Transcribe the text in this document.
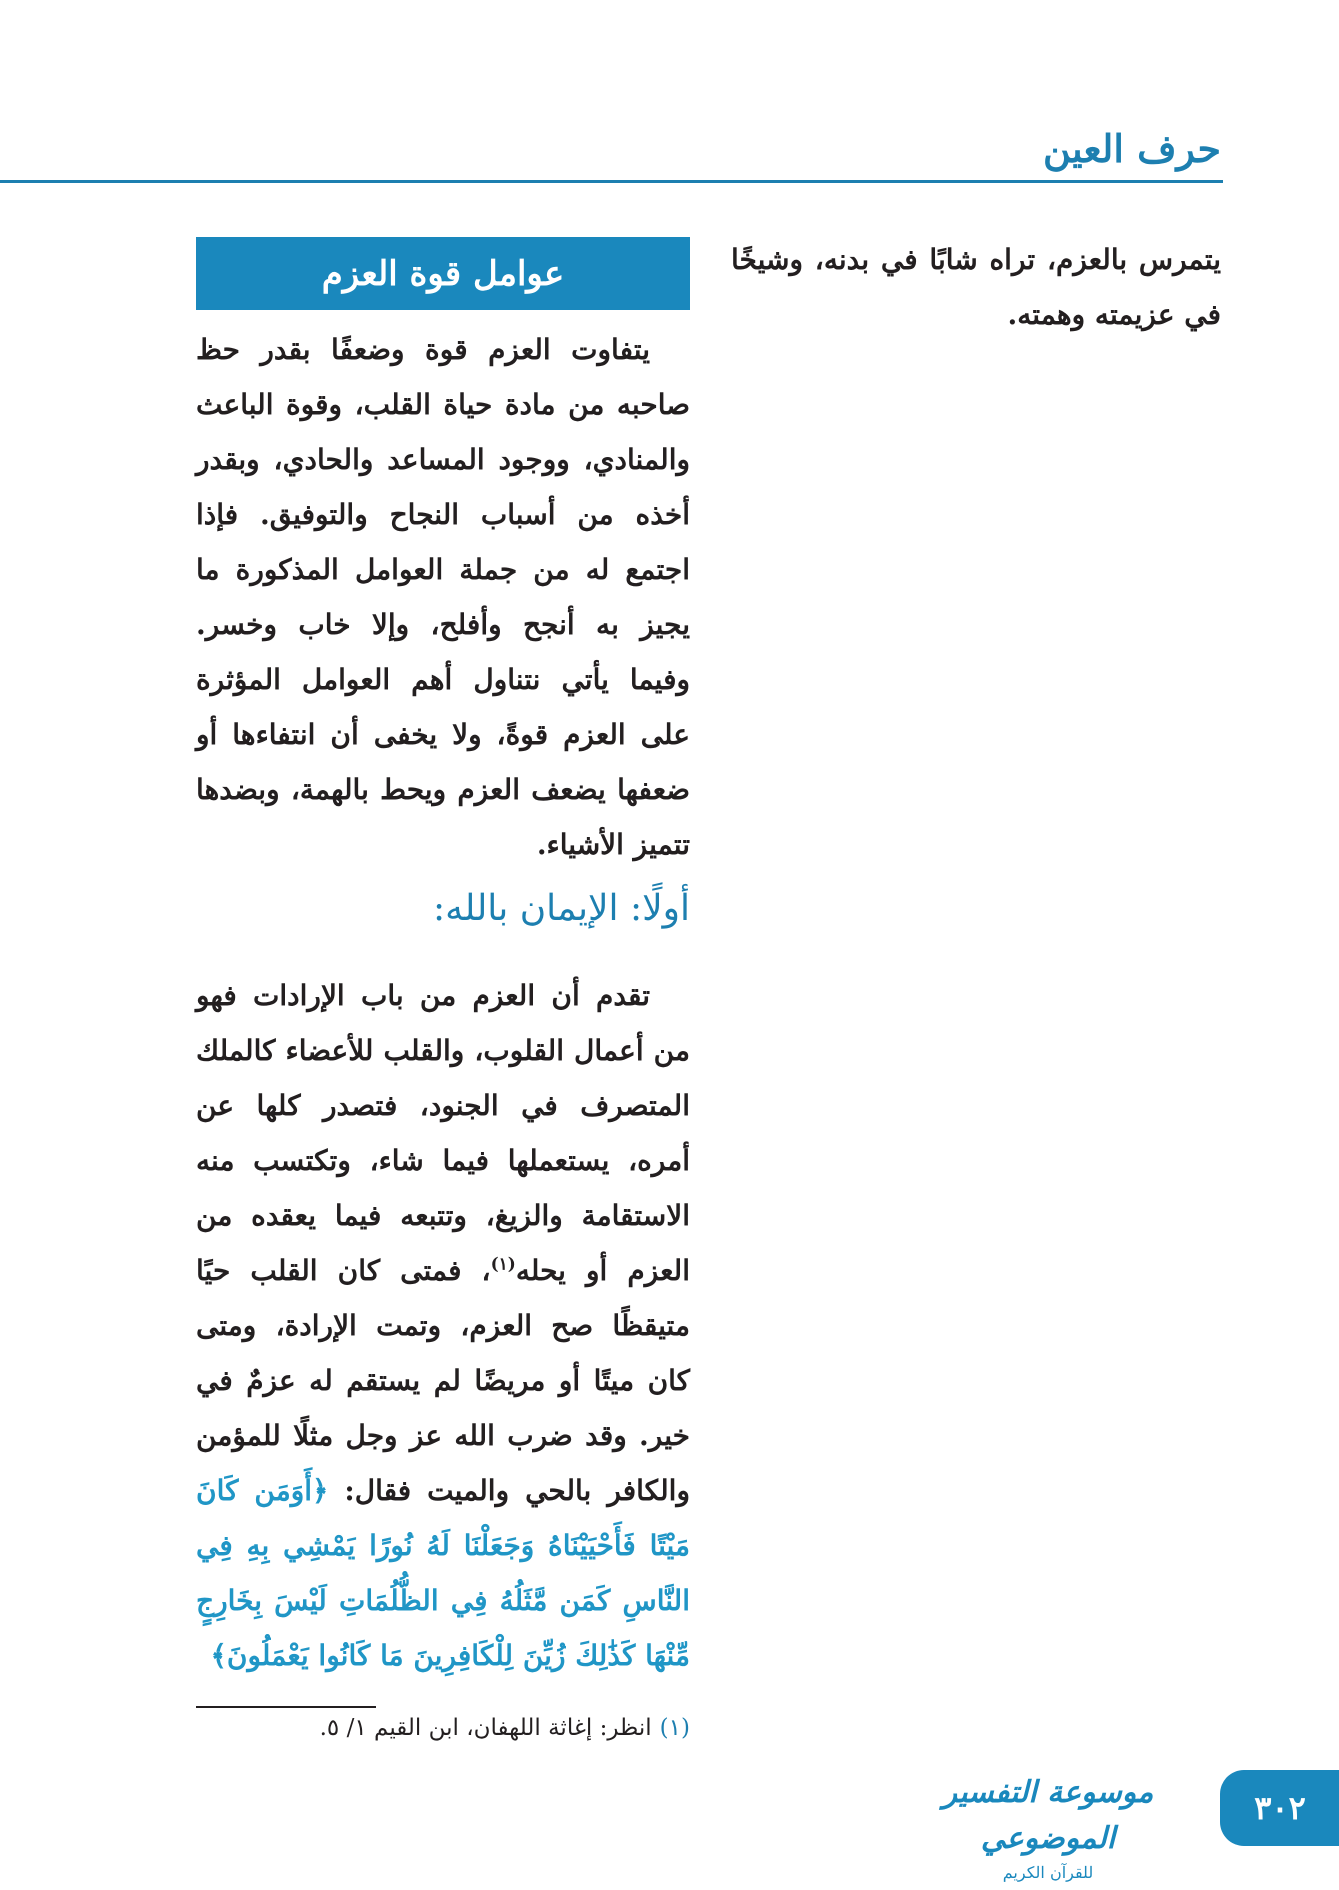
حرف العين
يتمرس بالعزم، تراه شابًا في بدنه، وشيخًا في عزيمته وهمته.
عوامل قوة العزم

يتفاوت العزم قوة وضعفًا بقدر حظ صاحبه من مادة حياة القلب، وقوة الباعث والمنادي، ووجود المساعد والحادي، وبقدر أخذه من أسباب النجاح والتوفيق. فإذا اجتمع له من جملة العوامل المذكورة ما يجيز به أنجح وأفلح، وإلا خاب وخسر. وفيما يأتي نتناول أهم العوامل المؤثرة على العزم قوةً، ولا يخفى أن انتفاءها أو ضعفها يضعف العزم ويحط بالهمة، وبضدها تتميز الأشياء.

أولًا: الإيمان بالله:

تقدم أن العزم من باب الإرادات فهو من أعمال القلوب، والقلب للأعضاء كالملك المتصرف في الجنود، فتصدر كلها عن أمره، يستعملها فيما شاء، وتكتسب منه الاستقامة والزيغ، وتتبعه فيما يعقده من العزم أو يحله$^{(١)}$، فمتى كان القلب حيًا متيقظًا صح العزم، وتمت الإرادة، ومتى كان ميتًا أو مريضًا لم يستقم له عزمٌ في خير. وقد ضرب الله عز وجل مثلًا للمؤمن والكافر بالحي والميت فقال: ﴿أَوَمَن كَانَ مَيْتًا فَأَحْيَيْنَاهُ وَجَعَلْنَا لَهُ نُورًا يَمْشِي بِهِ فِي النَّاسِ كَمَن مَّثَلُهُ فِي الظُّلُمَاتِ لَيْسَ بِخَارِجٍ مِّنْهَا كَذَٰلِكَ زُيِّنَ لِلْكَافِرِينَ مَا كَانُوا يَعْمَلُونَ﴾

(١)انظر: إغاثة اللهفان، ابن القيم ١/ ٥.
موسوعة التفسير الموضوعي
للقرآن الكريم
٣٠٢
